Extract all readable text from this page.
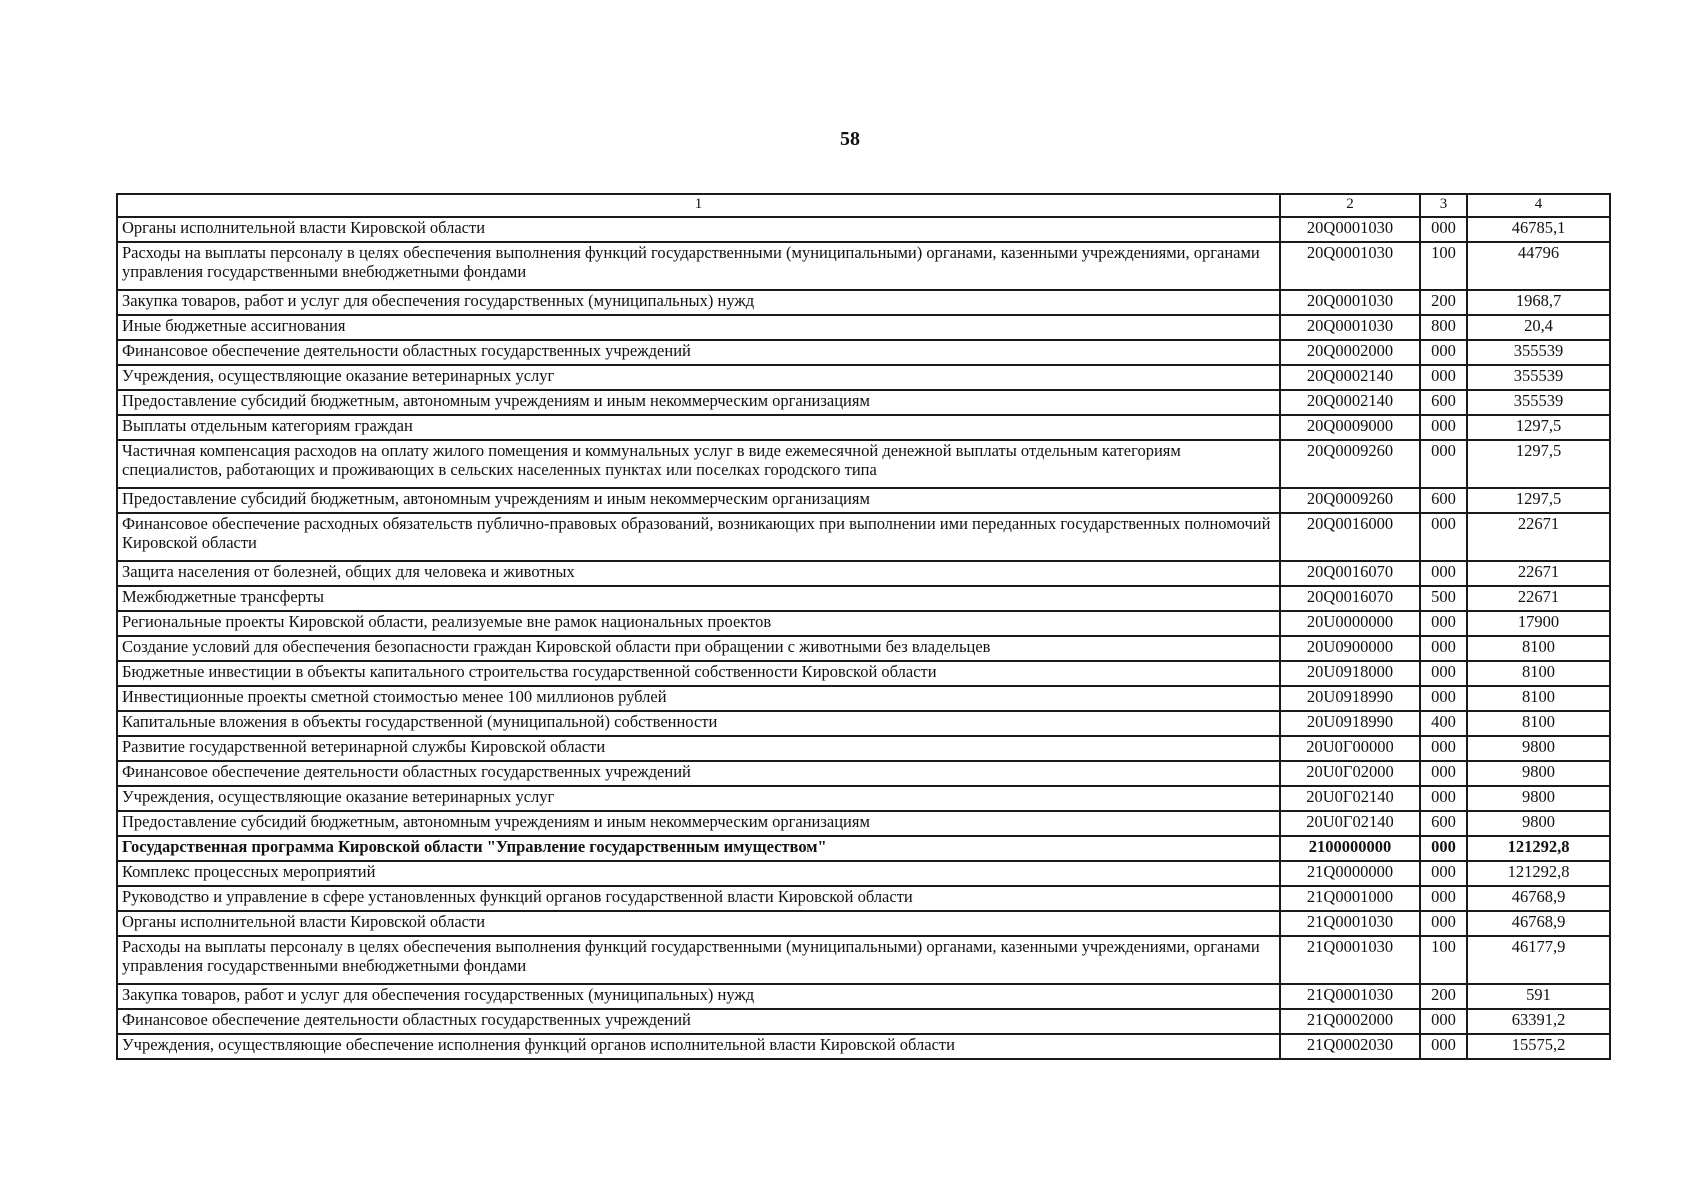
58
1	2	3	4
Органы исполнительной власти Кировской области	20Q0001030	000	46785,1
Расходы на выплаты персоналу в целях обеспечения выполнения функций государственными (муниципальными) органами, казенными учреждениями, органами управления государственными внебюджетными фондами	20Q0001030	100	44796
Закупка товаров, работ и услуг для обеспечения государственных (муниципальных) нужд	20Q0001030	200	1968,7
Иные бюджетные ассигнования	20Q0001030	800	20,4
Финансовое обеспечение деятельности областных государственных учреждений	20Q0002000	000	355539
Учреждения, осуществляющие оказание ветеринарных услуг	20Q0002140	000	355539
Предоставление субсидий бюджетным, автономным учреждениям и иным некоммерческим организациям	20Q0002140	600	355539
Выплаты отдельным категориям граждан	20Q0009000	000	1297,5
Частичная компенсация расходов на оплату жилого помещения и коммунальных услуг в виде ежемесячной денежной выплаты отдельным категориям специалистов, работающих и проживающих в сельских населенных пунктах или поселках городского типа	20Q0009260	000	1297,5
Предоставление субсидий бюджетным, автономным учреждениям и иным некоммерческим организациям	20Q0009260	600	1297,5
Финансовое обеспечение расходных обязательств публично-правовых образований, возникающих при выполнении ими переданных государственных полномочий Кировской области	20Q0016000	000	22671
Защита населения от болезней, общих для человека и животных	20Q0016070	000	22671
Межбюджетные трансферты	20Q0016070	500	22671
Региональные проекты Кировской области, реализуемые вне рамок национальных проектов	20U0000000	000	17900
Создание условий для обеспечения безопасности граждан Кировской области при обращении с животными без владельцев	20U0900000	000	8100
Бюджетные инвестиции в объекты капитального строительства государственной собственности Кировской области	20U0918000	000	8100
Инвестиционные проекты сметной стоимостью менее 100 миллионов рублей	20U0918990	000	8100
Капитальные вложения в объекты государственной (муниципальной) собственности	20U0918990	400	8100
Развитие государственной ветеринарной службы Кировской области	20U0Г00000	000	9800
Финансовое обеспечение деятельности областных государственных учреждений	20U0Г02000	000	9800
Учреждения, осуществляющие оказание ветеринарных услуг	20U0Г02140	000	9800
Предоставление субсидий бюджетным, автономным учреждениям и иным некоммерческим организациям	20U0Г02140	600	9800
Государственная программа Кировской области "Управление государственным имуществом"	2100000000	000	121292,8
Комплекс процессных мероприятий	21Q0000000	000	121292,8
Руководство и управление в сфере установленных функций органов государственной власти Кировской области	21Q0001000	000	46768,9
Органы исполнительной власти Кировской области	21Q0001030	000	46768,9
Расходы на выплаты персоналу в целях обеспечения выполнения функций государственными (муниципальными) органами, казенными учреждениями, органами управления государственными внебюджетными фондами	21Q0001030	100	46177,9
Закупка товаров, работ и услуг для обеспечения государственных (муниципальных) нужд	21Q0001030	200	591
Финансовое обеспечение деятельности областных государственных учреждений	21Q0002000	000	63391,2
Учреждения, осуществляющие обеспечение исполнения функций органов исполнительной власти Кировской области	21Q0002030	000	15575,2
